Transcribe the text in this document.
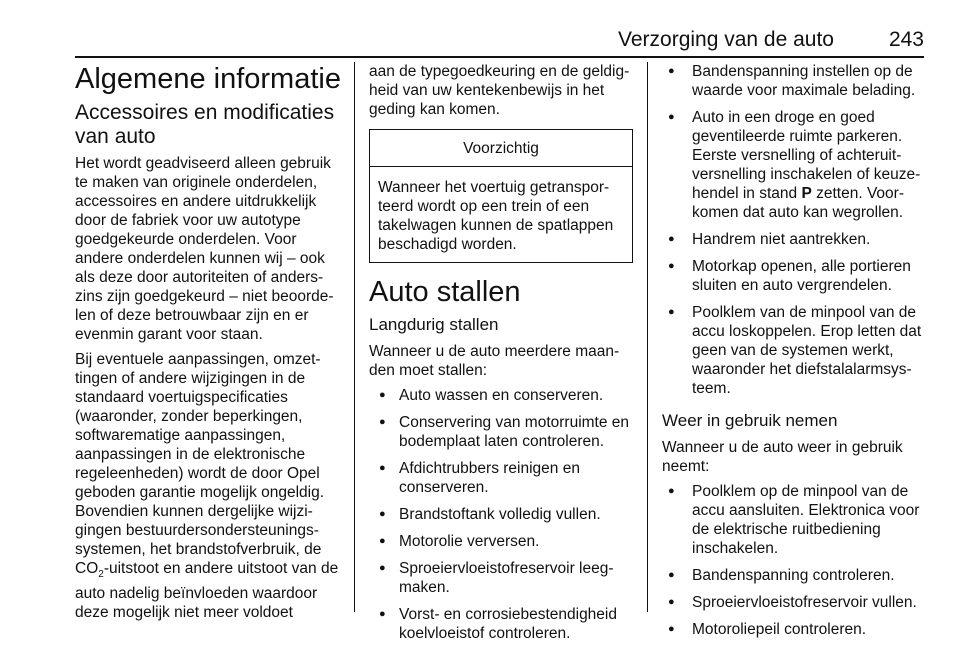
Verzorging van de auto	243
Algemene informatie
Accessoires en modificaties van auto

Het wordt geadviseerd alleen gebruik te maken van originele onderdelen, accessoires en andere uitdrukkelijk door de fabriek voor uw autotype goedgekeurde onderdelen. Voor andere onderdelen kunnen wij – ook als deze door autoriteiten of anderszins zijn goedgekeurd – niet beoordelen of deze betrouwbaar zijn en er evenmin garant voor staan.

Bij eventuele aanpassingen, omzettingen of andere wijzigingen in de standaard voertuigspecificaties (waaronder, zonder beperkingen, softwarematige aanpassingen, aanpassingen in de elektronische regeleenheden) wordt de door Opel geboden garantie mogelijk ongeldig. Bovendien kunnen dergelijke wijzigingen bestuurdersondersteuningssystemen, het brandstofverbruik, de $CO_2$-uitstoot en andere uitstoot van de auto nadelig beïnvloeden waardoor deze mogelijk niet meer voldoet

aan de typegoedkeuring en de geldigheid van uw kentekenbewijs in het geding kan komen.

Voorzichtig
Wanneer het voertuig getransporteerd wordt op een trein of een takelwagen kunnen de spatlappen beschadigd worden.
Auto stallen
Langdurig stallen

Wanneer u de auto meerdere maanden moet stallen:

● Auto wassen en conserveren.
● Conservering van motorruimte en bodemplaat laten controleren.
● Afdichtrubbers reinigen en conserveren.
● Brandstoftank volledig vullen.
● Motorolie verversen.
● Sproeiervloeistofreservoir leegmaken.
● Vorst- en corrosiebestendigheid koelvloeistof controleren.
● Bandenspanning instellen op de waarde voor maximale belading.
● Auto in een droge en goed geventileerde ruimte parkeren. Eerste versnelling of achteruitversnelling inschakelen of keuzehendel in stand P zetten. Voorkomen dat auto kan wegrollen.
● Handrem niet aantrekken.
● Motorkap openen, alle portieren sluiten en auto vergrendelen.
● Poolklem van de minpool van de accu loskoppelen. Erop letten dat geen van de systemen werkt, waaronder het diefstalalarmsysteem.
Weer in gebruik nemen

Wanneer u de auto weer in gebruik neemt:

● Poolklem op de minpool van de accu aansluiten. Elektronica voor de elektrische ruitbediening inschakelen.
● Bandenspanning controleren.
● Sproeiervloeistofreservoir vullen.
● Motoroliepeil controleren.
